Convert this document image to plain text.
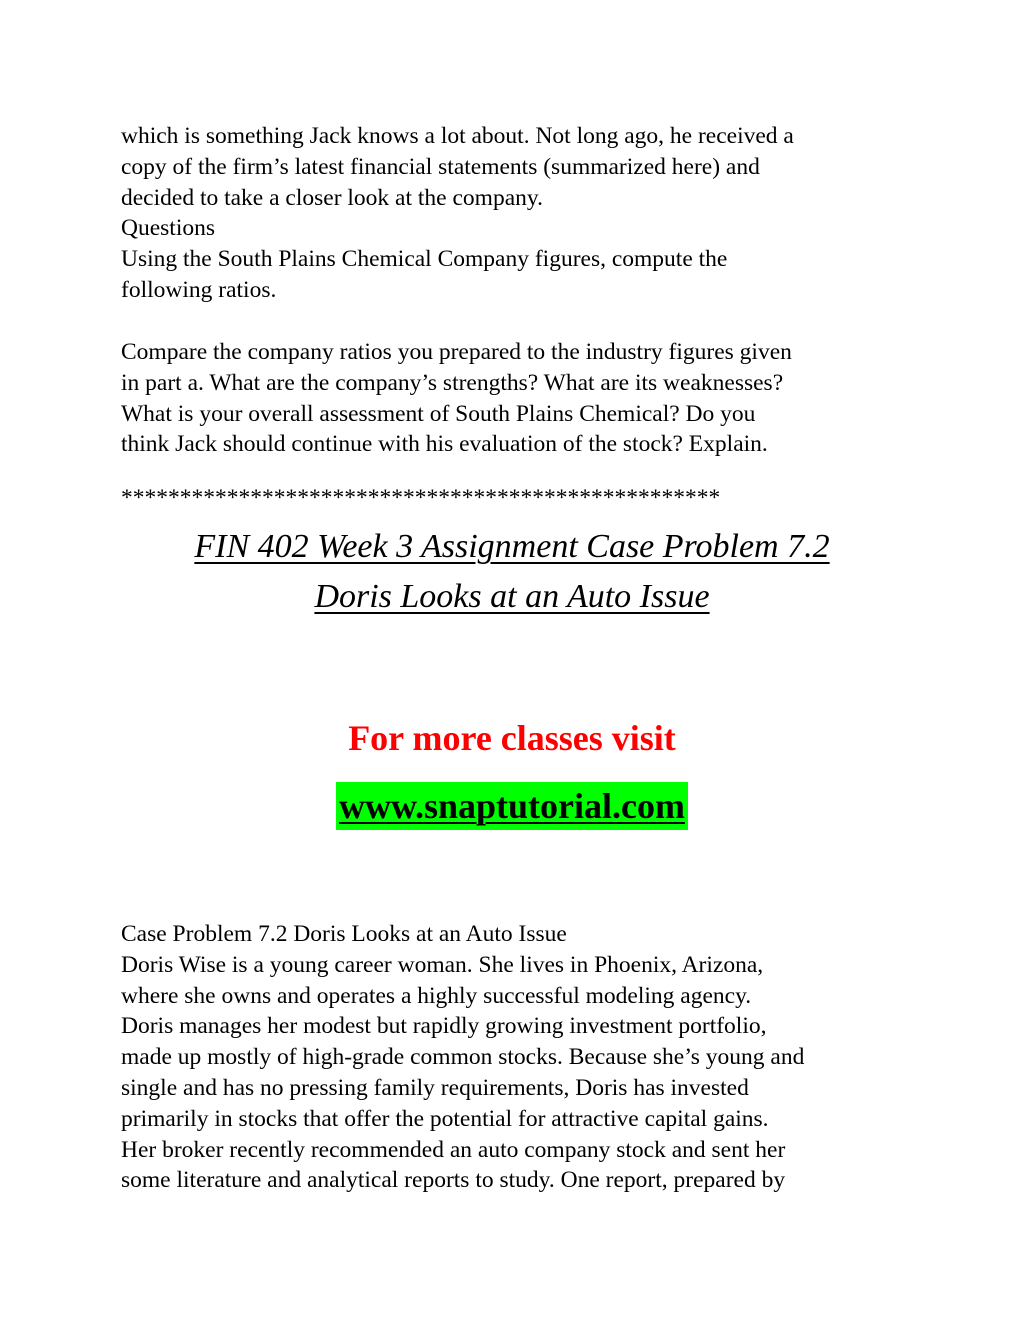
which is something Jack knows a lot about. Not long ago, he received a
copy of the firm’s latest financial statements (summarized here) and
decided to take a closer look at the company.
Questions
Using the South Plains Chemical Company figures, compute the
following ratios.
Compare the company ratios you prepared to the industry figures given
in part a. What are the company’s strengths? What are its weaknesses?
What is your overall assessment of South Plains Chemical? Do you
think Jack should continue with his evaluation of the stock? Explain.
***************************************************
FIN 402 Week 3 Assignment Case Problem 7.2
Doris Looks at an Auto Issue
For more classes visit
www.snaptutorial.com
Case Problem 7.2 Doris Looks at an Auto Issue
Doris Wise is a young career woman. She lives in Phoenix, Arizona,
where she owns and operates a highly successful modeling agency.
Doris manages her modest but rapidly growing investment portfolio,
made up mostly of high-grade common stocks. Because she’s young and
single and has no pressing family requirements, Doris has invested
primarily in stocks that offer the potential for attractive capital gains.
Her broker recently recommended an auto company stock and sent her
some literature and analytical reports to study. One report, prepared by
